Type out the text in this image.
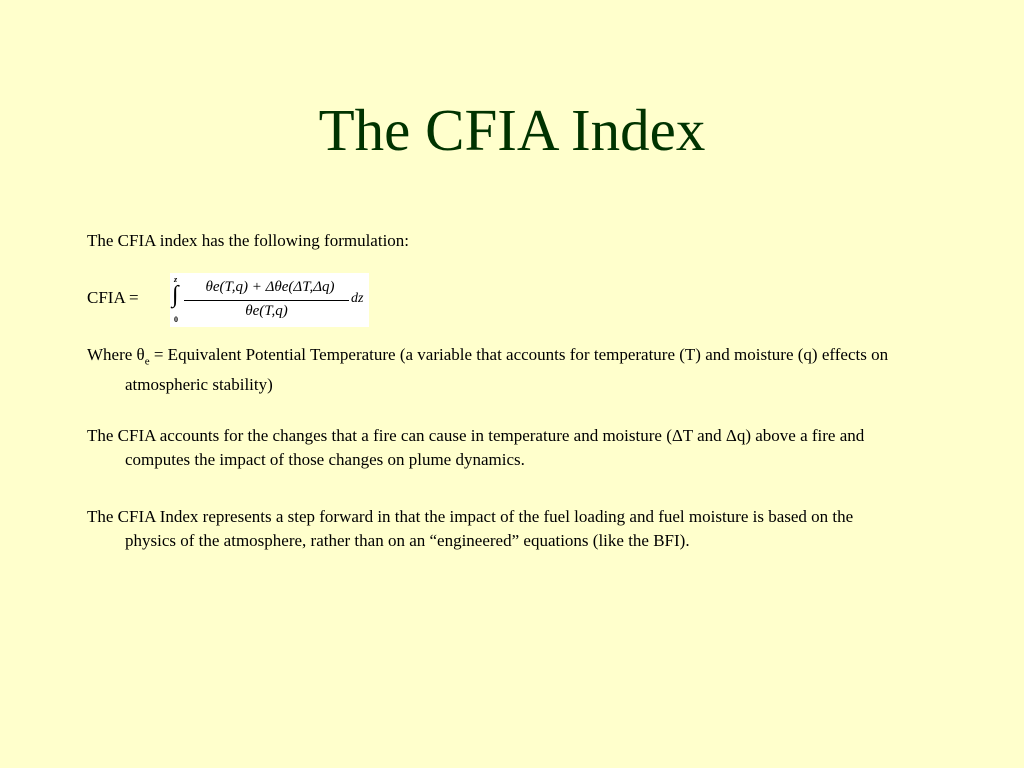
The CFIA Index
The CFIA index has the following formulation:
CFIA =
z
∫
0
θe(T,q) + Δθe(ΔT,Δq)
θe(T,q)
dz
Where $\theta_e$ = Equivalent Potential Temperature (a variable that accounts for temperature (T) and moisture (q) effects on atmospheric stability)
The CFIA accounts for the changes that a fire can cause in temperature and moisture (ΔT and Δq) above a fire and computes the impact of those changes on plume dynamics.
The CFIA Index represents a step forward in that the impact of the fuel loading and fuel moisture is based on the physics of the atmosphere, rather than on an “engineered” equations (like the BFI).
